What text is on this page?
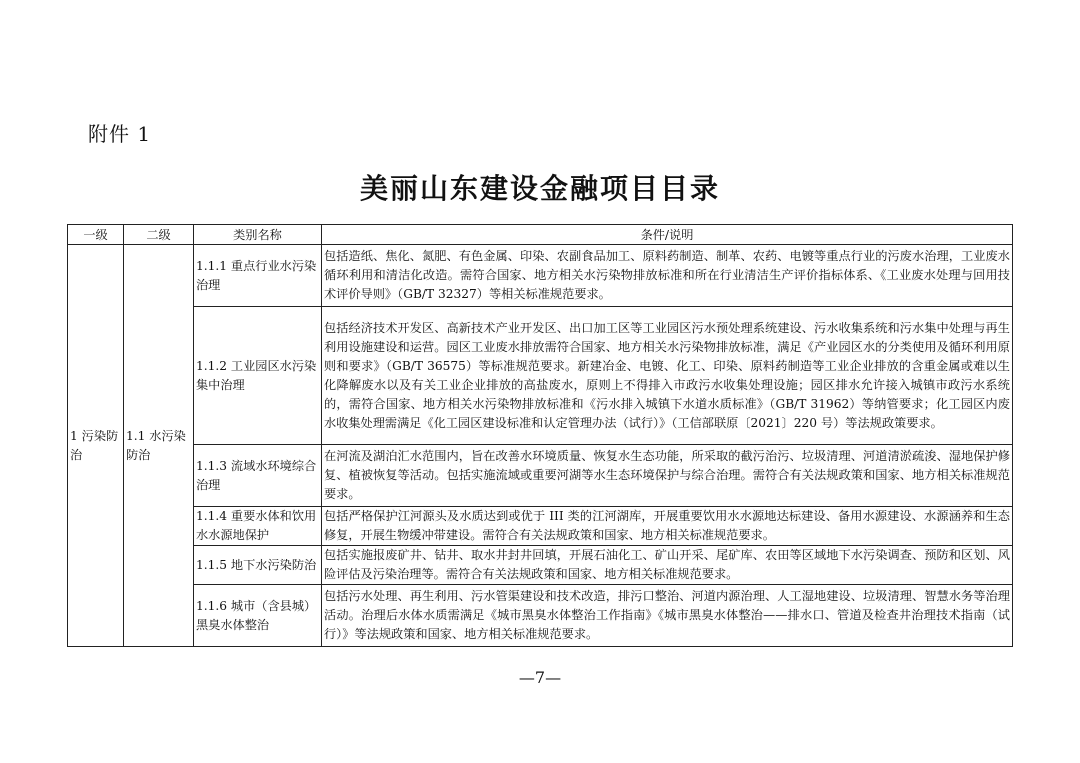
附件 1
美丽山东建设金融项目目录
一级	二级	类别名称	条件/说明
1 污染防治	1.1 水污染防治	1.1.1 重点行业水污染治理	包括造纸、焦化、氮肥、有色金属、印染、农副食品加工、原料药制造、制革、农药、电镀等重点行业的污废水治理，工业废水循环利用和清洁化改造。需符合国家、地方相关水污染物排放标准和所在行业清洁生产评价指标体系、《工业废水处理与回用技术评价导则》（GB/T 32327）等相关标准规范要求。
		1.1.2 工业园区水污染集中治理	包括经济技术开发区、高新技术产业开发区、出口加工区等工业园区污水预处理系统建设、污水收集系统和污水集中处理与再生利用设施建设和运营。园区工业废水排放需符合国家、地方相关水污染物排放标准，满足《产业园区水的分类使用及循环利用原则和要求》（GB/T 36575）等标准规范要求。新建冶金、电镀、化工、印染、原料药制造等工业企业排放的含重金属或难以生化降解废水以及有关工业企业排放的高盐废水，原则上不得排入市政污水收集处理设施；园区排水允许接入城镇市政污水系统的，需符合国家、地方相关水污染物排放标准和《污水排入城镇下水道水质标准》（GB/T 31962）等纳管要求；化工园区内废水收集处理需满足《化工园区建设标准和认定管理办法（试行）》（工信部联原〔2021〕220 号）等法规政策要求。
		1.1.3 流域水环境综合治理	在河流及湖泊汇水范围内，旨在改善水环境质量、恢复水生态功能，所采取的截污治污、垃圾清理、河道清淤疏浚、湿地保护修复、植被恢复等活动。包括实施流域或重要河湖等水生态环境保护与综合治理。需符合有关法规政策和国家、地方相关标准规范要求。
		1.1.4 重要水体和饮用水水源地保护	包括严格保护江河源头及水质达到或优于 III 类的江河湖库，开展重要饮用水水源地达标建设、备用水源建设、水源涵养和生态修复，开展生物缓冲带建设。需符合有关法规政策和国家、地方相关标准规范要求。
		1.1.5 地下水污染防治	包括实施报废矿井、钻井、取水井封井回填，开展石油化工、矿山开采、尾矿库、农田等区域地下水污染调查、预防和区划、风险评估及污染治理等。需符合有关法规政策和国家、地方相关标准规范要求。
		1.1.6 城市（含县城）黑臭水体整治	包括污水处理、再生利用、污水管渠建设和技术改造，排污口整治、河道内源治理、人工湿地建设、垃圾清理、智慧水务等治理活动。治理后水体水质需满足《城市黑臭水体整治工作指南》《城市黑臭水体整治——排水口、管道及检查井治理技术指南（试行）》等法规政策和国家、地方相关标准规范要求。
—7—
